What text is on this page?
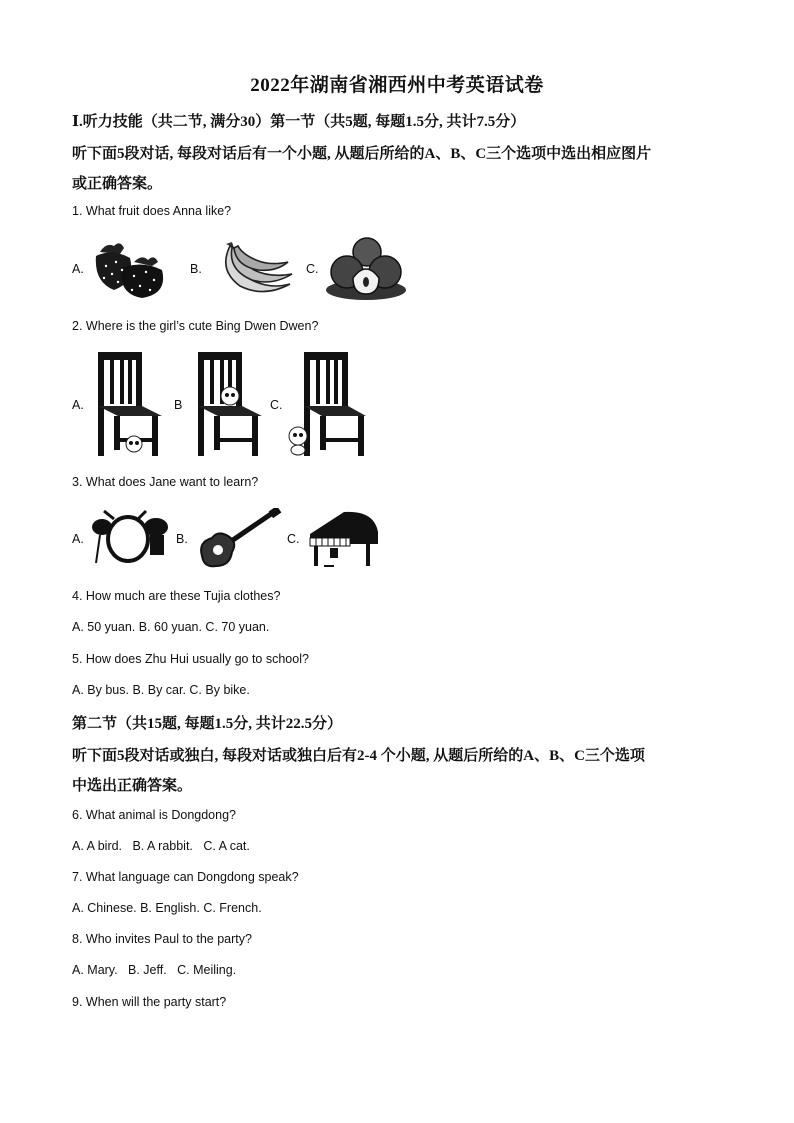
2022年湖南省湘西州中考英语试卷
Ⅰ.听力技能（共二节, 满分30）第一节（共5题, 每题1.5分, 共计7.5分）
听下面5段对话, 每段对话后有一个小题, 从题后所给的A、B、C三个选项中选出相应图片
或正确答案。
1. What fruit does Anna like?
A.	B.	C.
2. Where is the girl’s cute Bing Dwen Dwen?
A.	B	C.
3. What does Jane want to learn?
A.	B.	C.
4. How much are these Tujia clothes?
A. 50 yuan. B. 60 yuan. C. 70 yuan.
5. How does Zhu Hui usually go to school?
A. By bus. B. By car. C. By bike.
第二节（共15题, 每题1.5分, 共计22.5分）
听下面5段对话或独白, 每段对话或独白后有2-4 个小题, 从题后所给的A、B、C三个选项
中选出正确答案。
6. What animal is Dongdong?
A. A bird.   B. A rabbit.   C. A cat.
7. What language can Dongdong speak?
A. Chinese. B. English. C. French.
8. Who invites Paul to the party?
A. Mary.   B. Jeff.   C. Meiling.
9. When will the party start?
